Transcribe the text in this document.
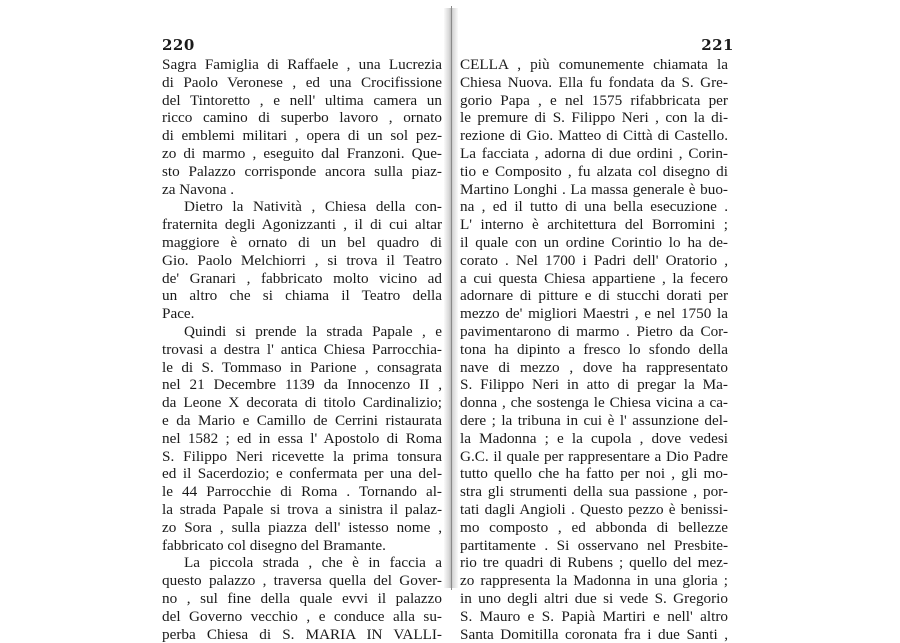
220
Sagra Famiglia di Raffaele , una Lucrezia
di Paolo Veronese , ed una Crocifissione
del Tintoretto , e nell' ultima camera un
ricco camino di superbo lavoro , ornato
di emblemi militari , opera di un sol pez-
zo di marmo , eseguito dal Franzoni. Que-
sto Palazzo corrisponde ancora sulla piaz-
za Navona .
Dietro la Natività , Chiesa della con-
fraternita degli Agonizzanti , il di cui altar
maggiore è ornato di un bel quadro di
Gio. Paolo Melchiorri , si trova il Teatro
de' Granari , fabbricato molto vicino ad
un altro che si chiama il Teatro della
Pace.
Quindi si prende la strada Papale , e
trovasi a destra l' antica Chiesa Parrocchia-
le di S. Tommaso in Parione , consagrata
nel 21 Decembre 1139 da Innocenzo II ,
da Leone X decorata di titolo Cardinalizio;
e da Mario e Camillo de Cerrini ristaurata
nel 1582 ; ed in essa l' Apostolo di Roma
S. Filippo Neri ricevette la prima tonsura
ed il Sacerdozio; e confermata per una del-
le 44 Parrocchie di Roma . Tornando al-
la strada Papale si trova a sinistra il palaz-
zo Sora , sulla piazza dell' istesso nome ,
fabbricato col disegno del Bramante.
La piccola strada , che è in faccia a
questo palazzo , traversa quella del Gover-
no , sul fine della quale evvi il palazzo
del Governo vecchio , e conduce alla su-
perba Chiesa di S. MARIA IN VALLI-
221
CELLA , più comunemente chiamata la
Chiesa Nuova. Ella fu fondata da S. Gre-
gorio Papa , e nel 1575 rifabbricata per
le premure di S. Filippo Neri , con la di-
rezione di Gio. Matteo di Città di Castello.
La facciata , adorna di due ordini , Corin-
tio e Composito , fu alzata col disegno di
Martino Longhi . La massa generale è buo-
na , ed il tutto di una bella esecuzione .
L' interno è architettura del Borromini ;
il quale con un ordine Corintio lo ha de-
corato . Nel 1700 i Padri dell' Oratorio ,
a cui questa Chiesa appartiene , la fecero
adornare di pitture e di stucchi dorati per
mezzo de' migliori Maestri , e nel 1750 la
pavimentarono di marmo . Pietro da Cor-
tona ha dipinto a fresco lo sfondo della
nave di mezzo , dove ha rappresentato
S. Filippo Neri in atto di pregar la Ma-
donna , che sostenga le Chiesa vicina a ca-
dere ; la tribuna in cui è l' assunzione del-
la Madonna ; e la cupola , dove vedesi
G.C. il quale per rappresentare a Dio Padre
tutto quello che ha fatto per noi , gli mo-
stra gli strumenti della sua passione , por-
tati dagli Angioli . Questo pezzo è benissi-
mo composto , ed abbonda di bellezze
partitamente . Si osservano nel Presbite-
rio tre quadri di Rubens ; quello del mez-
zo rappresenta la Madonna in una gloria ;
in uno degli altri due si vede S. Gregorio
S. Mauro e S. Papià Martiri e nell' altro
Santa Domitilla coronata fra i due Santi ,
